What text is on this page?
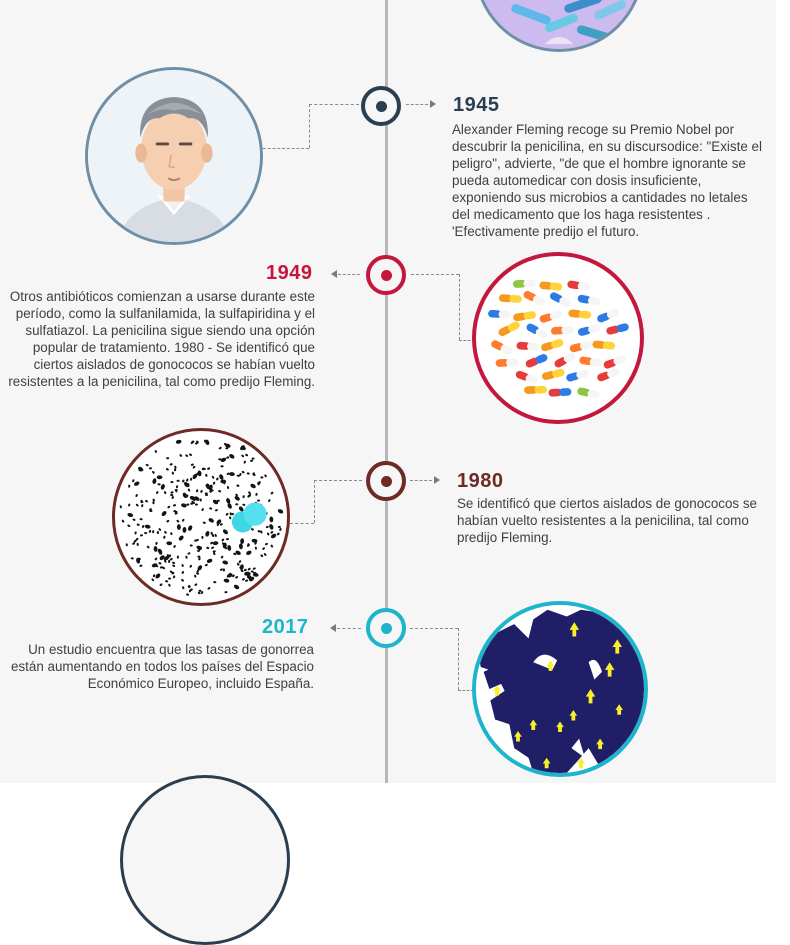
1945
Alexander Fleming recoge su Premio Nobel por descubrir la penicilina, en su discursodice: "Existe el peligro", advierte, "de que el hombre ignorante se pueda automedicar con dosis insuficiente, exponiendo sus microbios a cantidades no letales del medicamento que los haga resistentes . 'Efectivamente predijo el futuro.
1949
Otros antibióticos comienzan a usarse durante este período, como la sulfanilamida, la sulfapiridina y el sulfatiazol. La penicilina sigue siendo una opción popular de tratamiento. 1980 - Se identificó que ciertos aislados de gonococos se habían vuelto resistentes a la penicilina, tal como predijo Fleming.
1980
Se identificó que ciertos aislados de gonococos se habían vuelto resistentes a la penicilina, tal como predijo Fleming.
2017
Un estudio encuentra que las tasas de gonorrea están aumentando en todos los países del Espacio Económico Europeo, incluido España.
